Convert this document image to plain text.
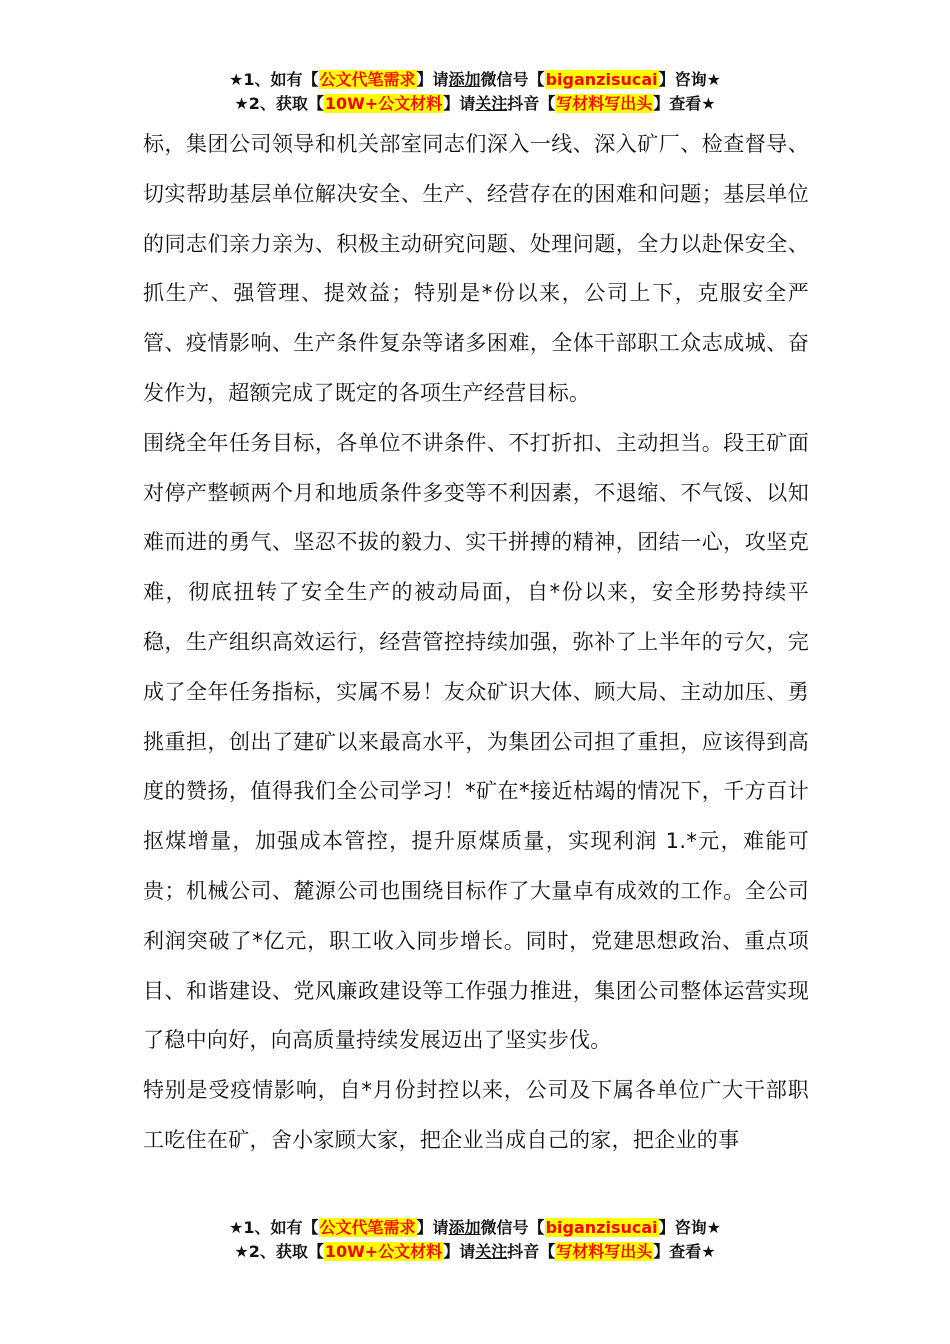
★1、如有【公文代笔需求】请添加微信号【biganzisucai】咨询★
★2、获取【10W+公文材料】请关注抖音【写材料写出头】查看★

标，集团公司领导和机关部室同志们深入一线、深入矿厂、检查督导、切实帮助基层单位解决安全、生产、经营存在的困难和问题；基层单位的同志们亲力亲为、积极主动研究问题、处理问题，全力以赴保安全、抓生产、强管理、提效益；特别是*份以来，公司上下，克服安全严管、疫情影响、生产条件复杂等诸多困难，全体干部职工众志成城、奋发作为，超额完成了既定的各项生产经营目标。

围绕全年任务目标，各单位不讲条件、不打折扣、主动担当。段王矿面对停产整顿两个月和地质条件多变等不利因素，不退缩、不气馁、以知难而进的勇气、坚忍不拔的毅力、实干拼搏的精神，团结一心，攻坚克难，彻底扭转了安全生产的被动局面，自*份以来，安全形势持续平稳，生产组织高效运行，经营管控持续加强，弥补了上半年的亏欠，完成了全年任务指标，实属不易！友众矿识大体、顾大局、主动加压、勇挑重担，创出了建矿以来最高水平，为集团公司担了重担，应该得到高度的赞扬，值得我们全公司学习！*矿在*接近枯竭的情况下，千方百计抠煤增量，加强成本管控，提升原煤质量，实现利润 1.*元，难能可贵；机械公司、麓源公司也围绕目标作了大量卓有成效的工作。全公司利润突破了*亿元，职工收入同步增长。同时，党建思想政治、重点项目、和谐建设、党风廉政建设等工作强力推进，集团公司整体运营实现了稳中向好，向高质量持续发展迈出了坚实步伐。

特别是受疫情影响，自*月份封控以来，公司及下属各单位广大干部职工吃住在矿，舍小家顾大家，把企业当成自己的家，把企业的事

★1、如有【公文代笔需求】请添加微信号【biganzisucai】咨询★
★2、获取【10W+公文材料】请关注抖音【写材料写出头】查看★
